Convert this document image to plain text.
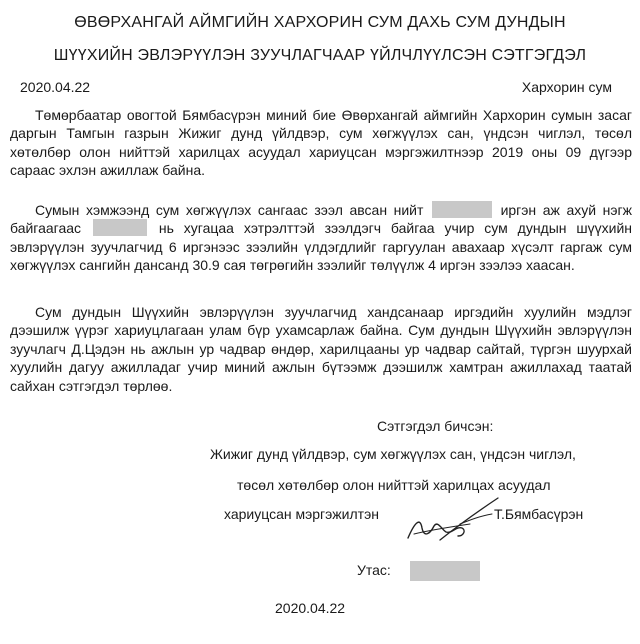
ӨВӨРХАНГАЙ АЙМГИЙН ХАРХОРИН СУМ ДАХЬ СУМ ДУНДЫН
ШҮҮХИЙН ЭВЛЭРҮҮЛЭН ЗУУЧЛАГЧААР ҮЙЛЧЛҮҮЛСЭН СЭТГЭГДЭЛ
2020.04.22	Хархорин сум
Төмөрбаатар овогтой Бямбасүрэн миний бие Өвөрхангай аймгийн Хархорин сумын засаг даргын Тамгын газрын Жижиг дунд үйлдвэр, сум хөгжүүлэх сан, үндсэн чиглэл, төсөл хөтөлбөр олон нийттэй харилцах асуудал хариуцсан мэргэжилтнээр 2019 оны 09 дүгээр сараас эхлэн ажиллаж байна.
Сумын хэмжээнд сум хөгжүүлэх сангаас зээл авсан нийт	иргэн аж ахуй нэгж байгаагаас	нь хугацаа хэтрэлттэй зээлдэгч байгаа учир сум дундын шүүхийн эвлэрүүлэн зуучлагчид 6 иргэнээс зээлийн үлдэгдлийг гаргуулан авахаар хүсэлт гаргаж сум хөгжүүлэх сангийн дансанд 30.9 сая төгрөгийн зээлийг төлүүлж 4 иргэн зээлээ хаасан.
Сум дундын Шүүхийн эвлэрүүлэн зуучлагчид хандсанаар иргэдийн хуулийн мэдлэг дээшилж үүрэг хариуцлагаан улам бүр ухамсарлаж байна. Сум дундын Шүүхийн эвлэрүүлэн зуучлагч Д.Цэдэн нь ажлын ур чадвар өндөр, харилцааны ур чадвар сайтай, түргэн шуурхай хуулийн дагуу ажилладаг учир миний ажлын бүтээмж дээшилж хамтран ажиллахад таатай сайхан сэтгэгдэл төрлөө.
Сэтгэгдэл бичсэн:
Жижиг дунд үйлдвэр, сум хөгжүүлэх сан, үндсэн чиглэл,
төсөл хөтөлбөр олон нийттэй харилцах асуудал
хариуцсан мэргэжилтэн	Т.Бямбасүрэн
Утас:
2020.04.22
